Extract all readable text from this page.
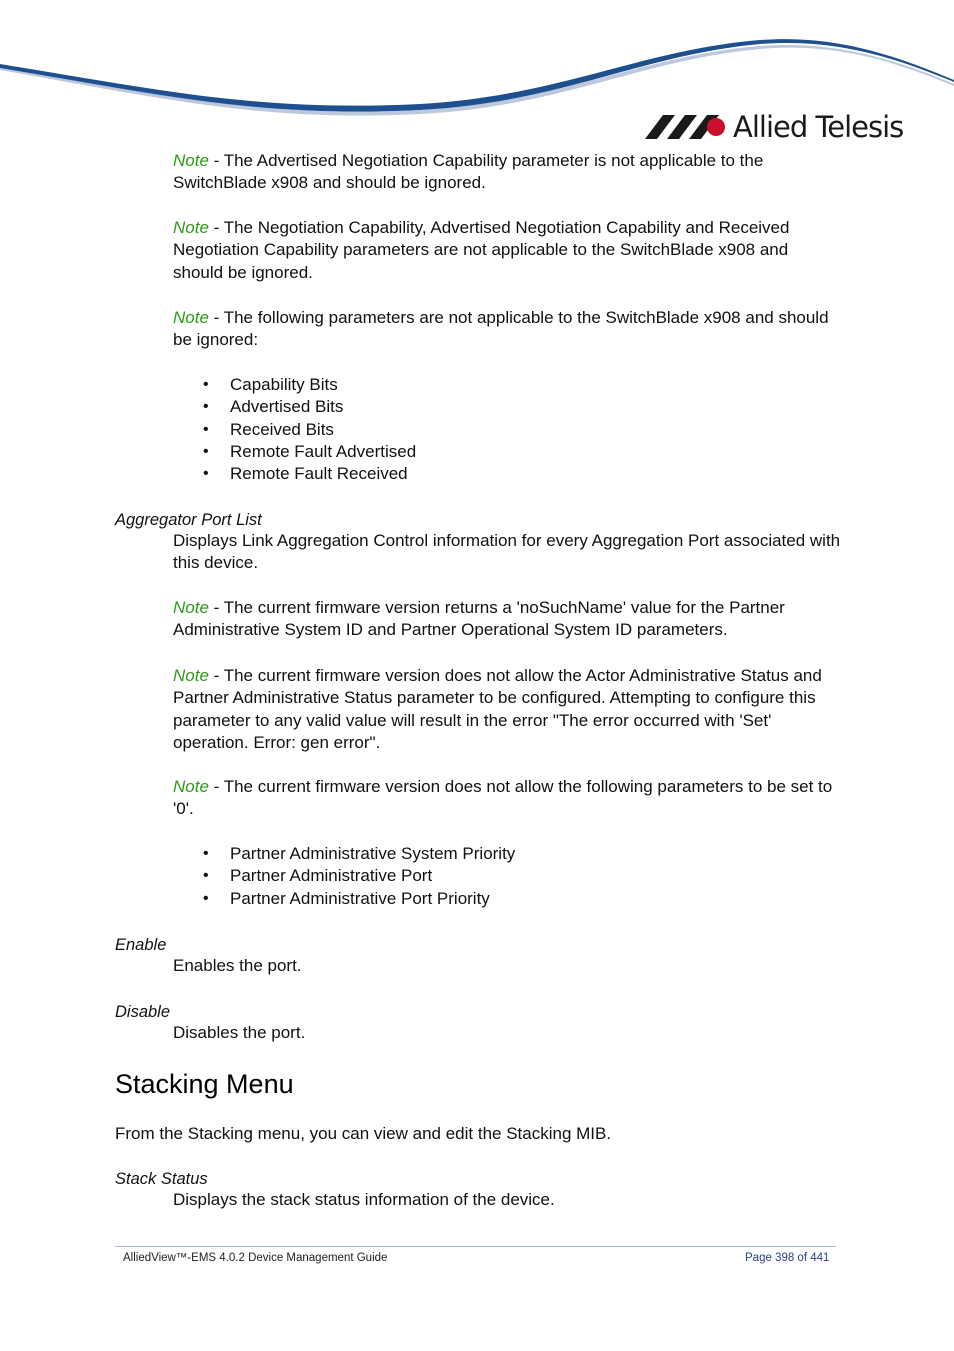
Allied Telesis
Note - The Advertised Negotiation Capability parameter is not applicable to the SwitchBlade x908 and should be ignored.
Note - The Negotiation Capability, Advertised Negotiation Capability and Received Negotiation Capability parameters are not applicable to the SwitchBlade x908 and should be ignored.
Note - The following parameters are not applicable to the SwitchBlade x908 and should be ignored:
• Capability Bits
• Advertised Bits
• Received Bits
• Remote Fault Advertised
• Remote Fault Received
Aggregator Port List
Displays Link Aggregation Control information for every Aggregation Port associated with this device.
Note - The current firmware version returns a 'noSuchName' value for the Partner Administrative System ID and Partner Operational System ID parameters.
Note - The current firmware version does not allow the Actor Administrative Status and Partner Administrative Status parameter to be configured. Attempting to configure this parameter to any valid value will result in the error "The error occurred with 'Set' operation. Error: gen error".
Note - The current firmware version does not allow the following parameters to be set to '0'.
• Partner Administrative System Priority
• Partner Administrative Port
• Partner Administrative Port Priority
Enable
Enables the port.
Disable
Disables the port.
Stacking Menu
From the Stacking menu, you can view and edit the Stacking MIB.
Stack Status
Displays the stack status information of the device.
AlliedView™-EMS 4.0.2 Device Management Guide	Page 398 of 441
